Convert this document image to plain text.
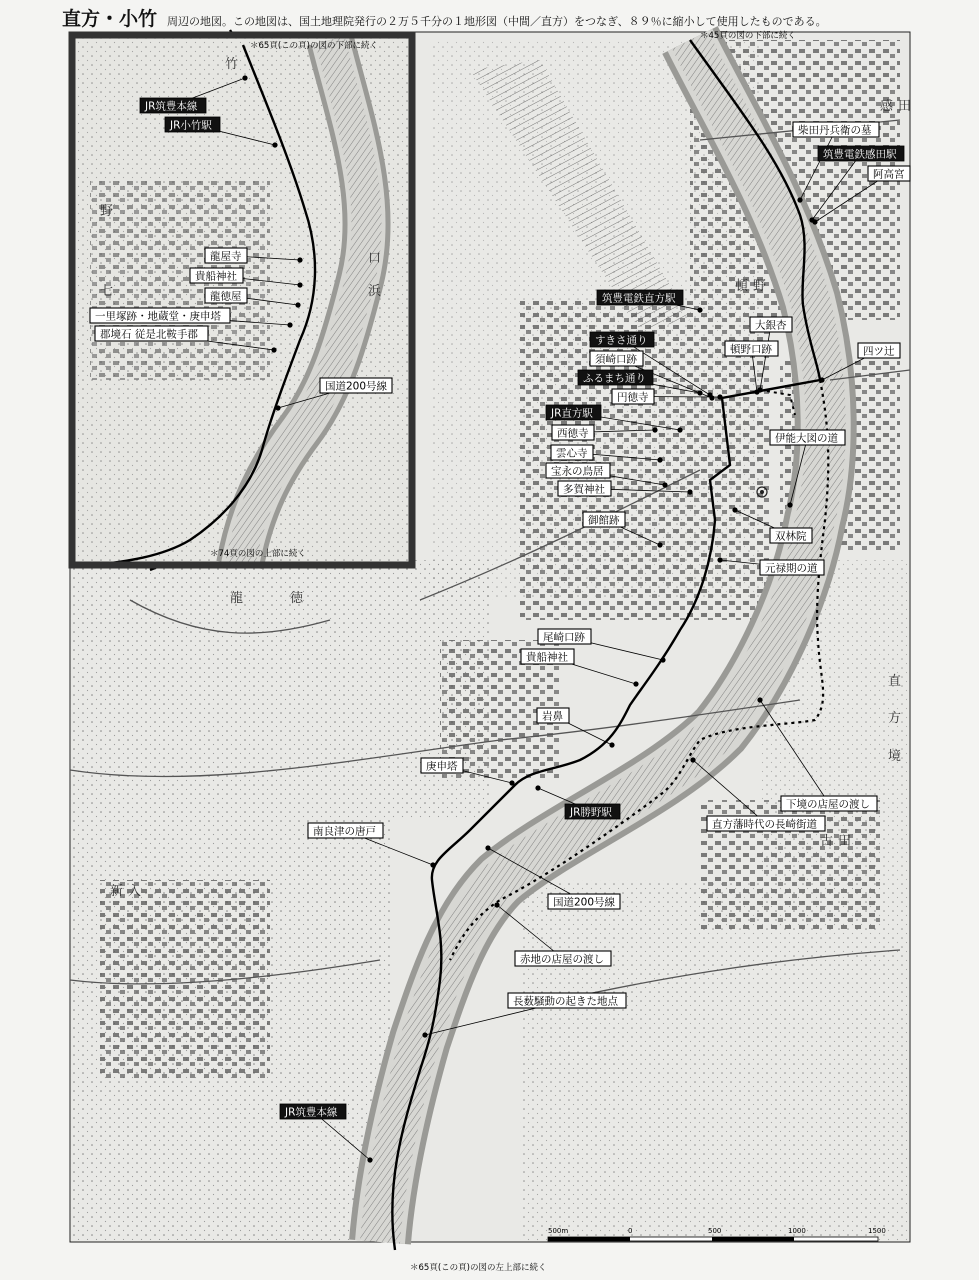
直方・小竹 周辺の地図。この地図は、国土地理院発行の２万５千分の１地形図（中間／直方）をつなぎ、８９％に縮小して使用したものである。
竹
野
七
口
浜
龍	徳
直
方
境
古 田
新 入
頓 野
感 田
＊65頁(この頁)の図の下部に続く
＊74頁の図の上部に続く
＊45頁の図の下部に続く
＊65頁(この頁)の図の左上部に続く
JR筑豊本線
JR小竹駅
龍屋寺
貴船神社
龍徳屋
一里塚跡・地蔵堂・庚申塔
郡境石 従是北鞍手郡
国道200号線
柴田丹兵衛の墓
筑豊電鉄感田駅
阿高宮
筑豊電鉄直方駅
大銀杏
すきさ通り
頓野口跡
須崎口跡
四ツ辻
ふるまち通り
円徳寺
JR直方駅
西徳寺
雲心寺
宝永の鳥居
多賀神社
伊能大図の道
御館跡
双林院
元禄期の道
尾崎口跡
貴船神社
岩鼻
庚申塔
JR勝野駅
下境の店屋の渡し
南良津の唐戸
直方藩時代の長崎街道
国道200号線
赤地の店屋の渡し
長薮騒動の起きた地点
JR筑豊本線
500m	0	500	1000	1500
